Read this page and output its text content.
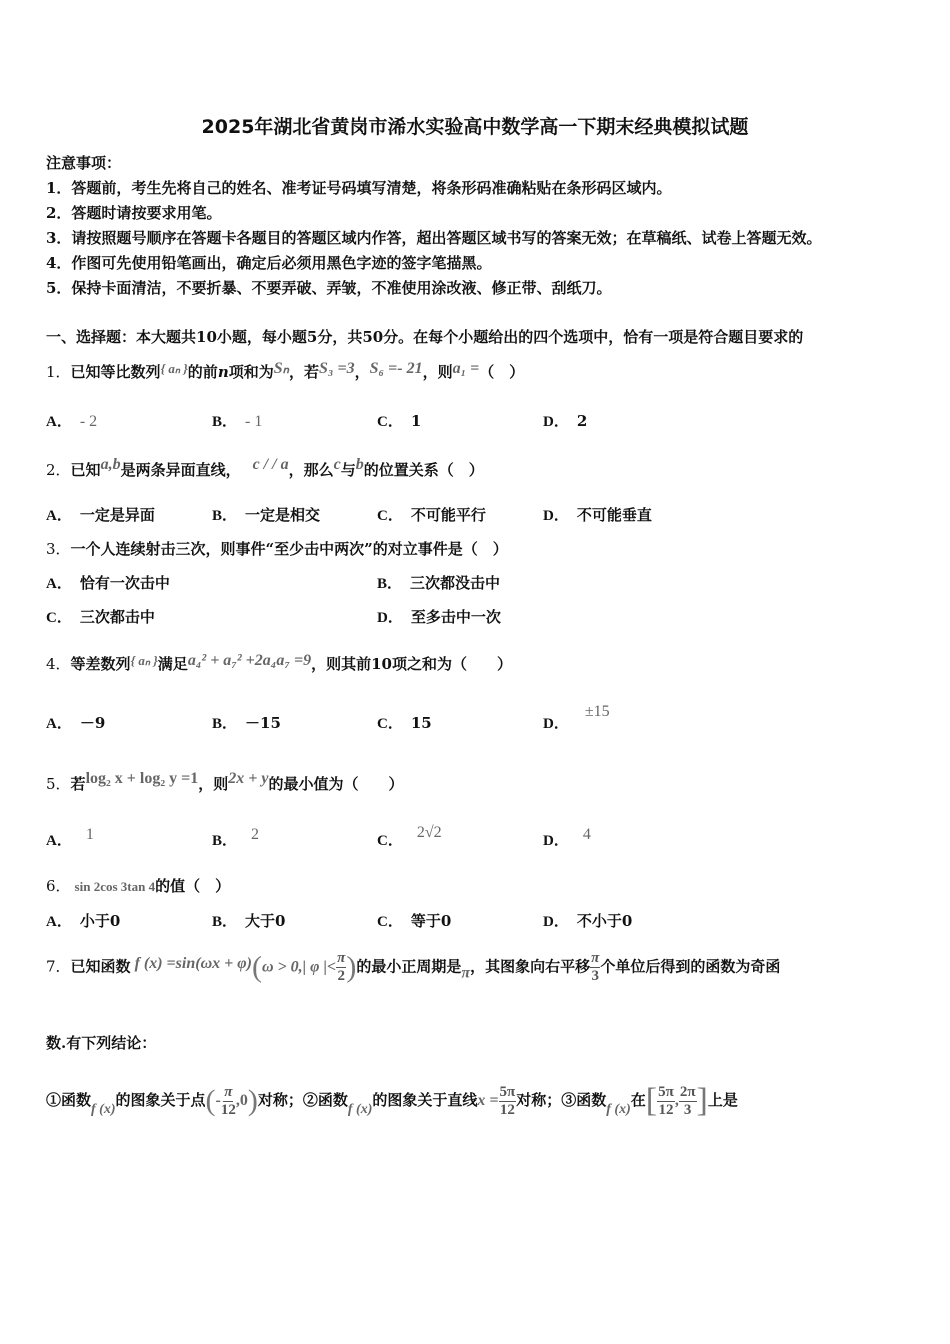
2025年湖北省黄岗市浠水实验高中数学高一下期末经典模拟试题
注意事项：
1．答题前，考生先将自己的姓名、准考证号码填写清楚，将条形码准确粘贴在条形码区域内。
2．答题时请按要求用笔。
3．请按照题号顺序在答题卡各题目的答题区域内作答，超出答题区域书写的答案无效；在草稿纸、试卷上答题无效。
4．作图可先使用铅笔画出，确定后必须用黑色字迹的签字笔描黑。
5．保持卡面清洁，不要折暴、不要弄破、弄皱，不准使用涂改液、修正带、刮纸刀。
一、选择题：本大题共10小题，每小题5分，共50分。在每个小题给出的四个选项中，恰有一项是符合题目要求的
1．已知等比数列{ aₙ }的前n项和为Sₙ，若S₃ =3，S₆ =- 21，则a₁ =（　）
A． - 2	B． - 1	C． 1	D． 2
2．已知a,b是两条异面直线， c / / a，那么c与b的位置关系（　）
A． 一定是异面	B． 一定是相交	C． 不可能平行	D． 不可能垂直
3．一个人连续射击三次，则事件“至少击中两次”的对立事件是（　）
A． 恰有一次击中	B． 三次都没击中
C． 三次都击中	D． 至多击中一次
4．等差数列{ aₙ }满足a₄² + a₇² +2a₄a₇ =9，则其前10项之和为（　　）
A． －9	B． －15	C． 15	D．±15
5．若log₂ x + log₂ y =1，则2x + y的最小值为（　　）
A． 1	B． 2	C． 2√2	D． 4
6． sin 2cos 3tan 4的值（　）
A． 小于0	B． 大于0	C． 等于0	D． 不小于0
7．已知函数 f (x) =sin(ωx + φ)(ω > 0,| φ |< $\frac{\pi}{2}$ )的最小正周期是π，其图象向右平移 $\frac{\pi}{3}$ 个单位后得到的函数为奇函
数.有下列结论：
①函数f (x)的图象关于点(- $\frac{\pi}{12} ,0$)对称；②函数f (x)的图象关于直线$x = \frac{5\pi}{12}$ 对称；③函数f (x)在[ $\frac{5\pi}{12}$ , $\frac{2\pi}{3}$ ]上是
